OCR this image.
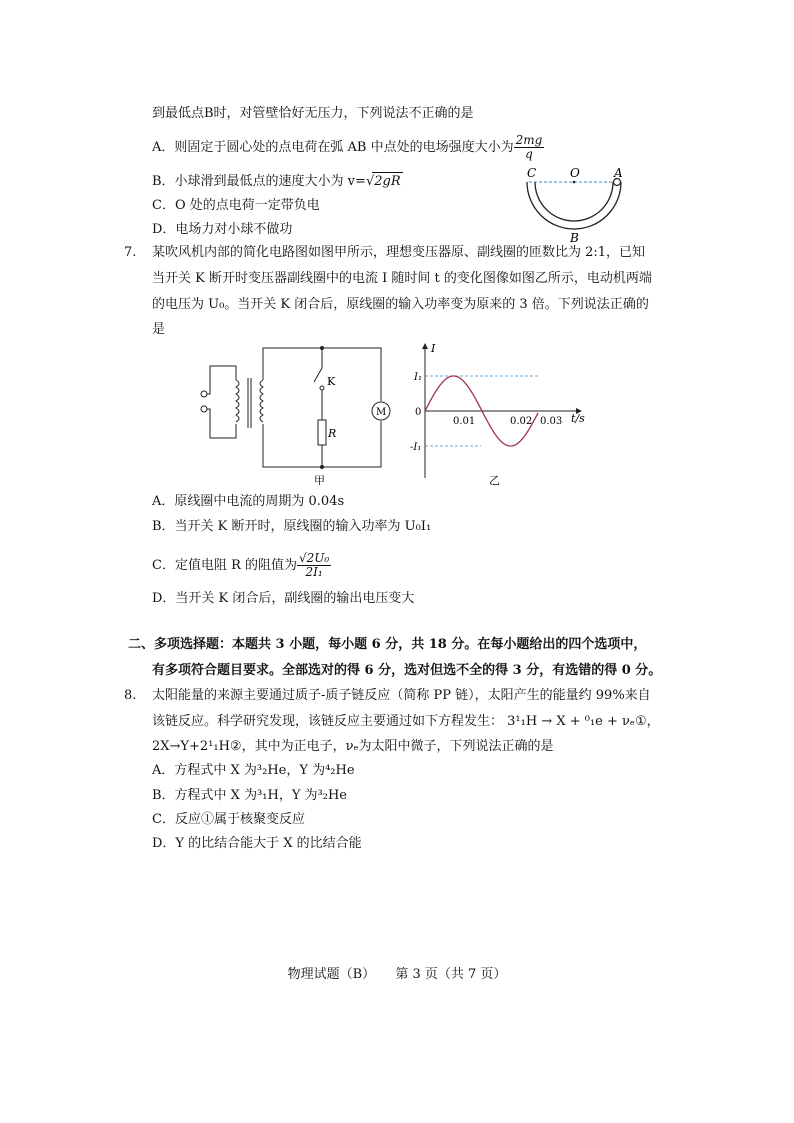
到最低点B时，对管壁恰好无压力，下列说法不正确的是
A．则固定于圆心处的点电荷在弧 AB 中点处的电场强度大小为 $\frac{2mg}{q}$
B．小球滑到最低点的速度大小为 v=√2gR
C．O 处的点电荷一定带负电
D．电场力对小球不做功
C	O	A
B
7. 某吹风机内部的简化电路图如图甲所示，理想变压器原、副线圈的匝数比为 2:1，已知
当开关 K 断开时变压器副线圈中的电流 I 随时间 t 的变化图像如图乙所示，电动机两端
的电压为 U₀。当开关 K 闭合后，原线圈的输入功率变为原来的 3 倍。下列说法正确的
是
K
R
M
甲
I
t/s
I₁
0
-I₁
0.01	0.02 0.03
乙
A．原线圈中电流的周期为 0.04s
B．当开关 K 断开时，原线圈的输入功率为 U₀I₁
C．定值电阻 R 的阻值为 $\frac{\text{√2U₀}}{\text{2I₁}}$
D．当开关 K 闭合后，副线圈的输出电压变大
二、多项选择题：本题共 3 小题，每小题 6 分，共 18 分。在每小题给出的四个选项中，
有多项符合题目要求。全部选对的得 6 分，选对但选不全的得 3 分，有选错的得 0 分。
8. 太阳能量的来源主要通过质子-质子链反应（简称 PP 链），太阳产生的能量约 99%来自
该链反应。科学研究发现，该链反应主要通过如下方程发生： 3¹₁H → X + ⁰₁e + νₑ①，
2X→Y+2¹₁H②，其中为正电子，νₑ为太阳中微子，下列说法正确的是
A．方程式中 X 为³₂He，Y 为⁴₂He
B．方程式中 X 为³₁H，Y 为³₂He
C．反应①属于核聚变反应
D．Y 的比结合能大于 X 的比结合能
物理试题（B） 第 3 页（共 7 页）
